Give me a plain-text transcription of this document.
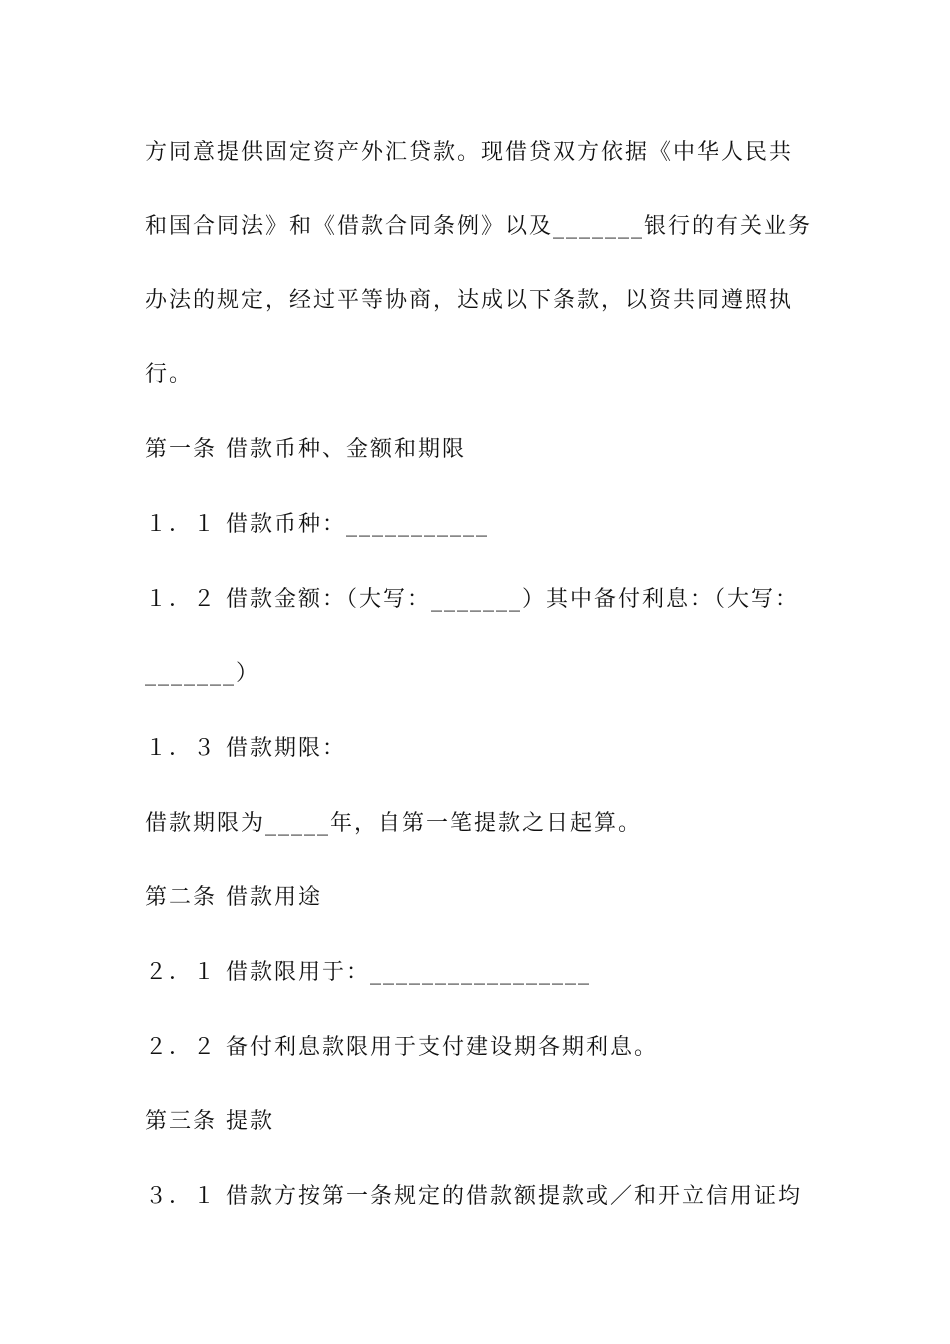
方同意提供固定资产外汇贷款。现借贷双方依据《中华人民共
和国合同法》和《借款合同条例》以及_______银行的有关业务
办法的规定，经过平等协商，达成以下条款，以资共同遵照执
行。
第一条 借款币种、金额和期限
１．１ 借款币种：___________
１．２ 借款金额：（大写：_______）其中备付利息：（大写：
_______）
１．３ 借款期限：
借款期限为_____年，自第一笔提款之日起算。
第二条 借款用途
２．１ 借款限用于：_________________
２．２ 备付利息款限用于支付建设期各期利息。
第三条 提款
３．１ 借款方按第一条规定的借款额提款或／和开立信用证均
